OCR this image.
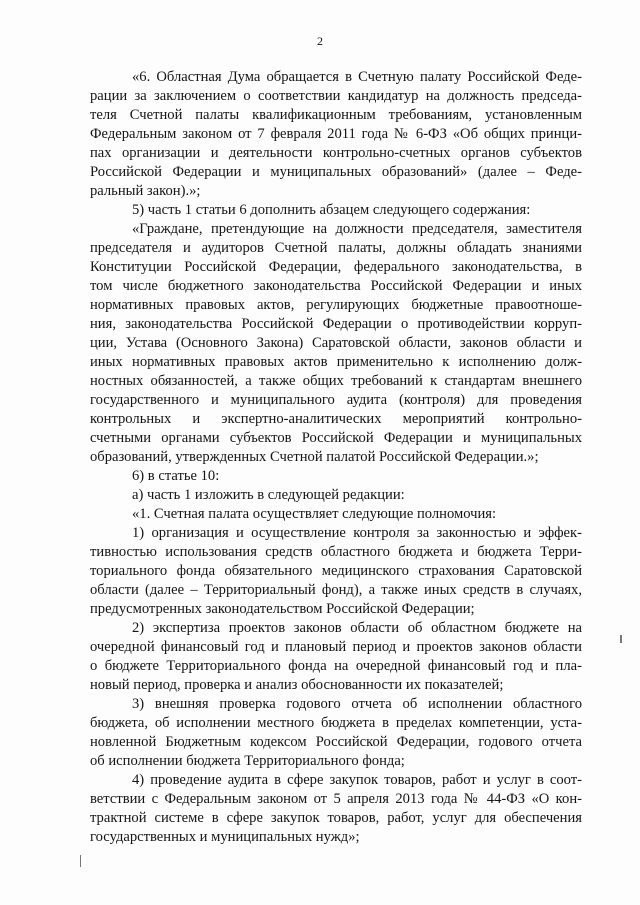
2
«6. Областная Дума обращается в Счетную палату Российской Феде-
рации за заключением о соответствии кандидатур на должность председа-
теля Счетной палаты квалификационным требованиям, установленным
Федеральным законом от 7 февраля 2011 года № 6-ФЗ «Об общих принци-
пах организации и деятельности контрольно-счетных органов субъектов
Российской Федерации и муниципальных образований» (далее – Феде-
ральный закон).»;
5) часть 1 статьи 6 дополнить абзацем следующего содержания:
«Граждане, претендующие на должности председателя, заместителя
председателя и аудиторов Счетной палаты, должны обладать знаниями
Конституции Российской Федерации, федерального законодательства, в
том числе бюджетного законодательства Российской Федерации и иных
нормативных правовых актов, регулирующих бюджетные правоотноше-
ния, законодательства Российской Федерации о противодействии корруп-
ции, Устава (Основного Закона) Саратовской области, законов области и
иных нормативных правовых актов применительно к исполнению долж-
ностных обязанностей, а также общих требований к стандартам внешнего
государственного и муниципального аудита (контроля) для проведения
контрольных и экспертно-аналитических мероприятий контрольно-
счетными органами субъектов Российской Федерации и муниципальных
образований, утвержденных Счетной палатой Российской Федерации.»;
6) в статье 10:
а) часть 1 изложить в следующей редакции:
«1. Счетная палата осуществляет следующие полномочия:
1) организация и осуществление контроля за законностью и эффек-
тивностью использования средств областного бюджета и бюджета Терри-
ториального фонда обязательного медицинского страхования Саратовской
области (далее – Территориальный фонд), а также иных средств в случаях,
предусмотренных законодательством Российской Федерации;
2) экспертиза проектов законов области об областном бюджете на
очередной финансовый год и плановый период и проектов законов области
о бюджете Территориального фонда на очередной финансовый год и пла-
новый период, проверка и анализ обоснованности их показателей;
3) внешняя проверка годового отчета об исполнении областного
бюджета, об исполнении местного бюджета в пределах компетенции, уста-
новленной Бюджетным кодексом Российской Федерации, годового отчета
об исполнении бюджета Территориального фонда;
4) проведение аудита в сфере закупок товаров, работ и услуг в соот-
ветствии с Федеральным законом от 5 апреля 2013 года № 44-ФЗ «О кон-
трактной системе в сфере закупок товаров, работ, услуг для обеспечения
государственных и муниципальных нужд»;
